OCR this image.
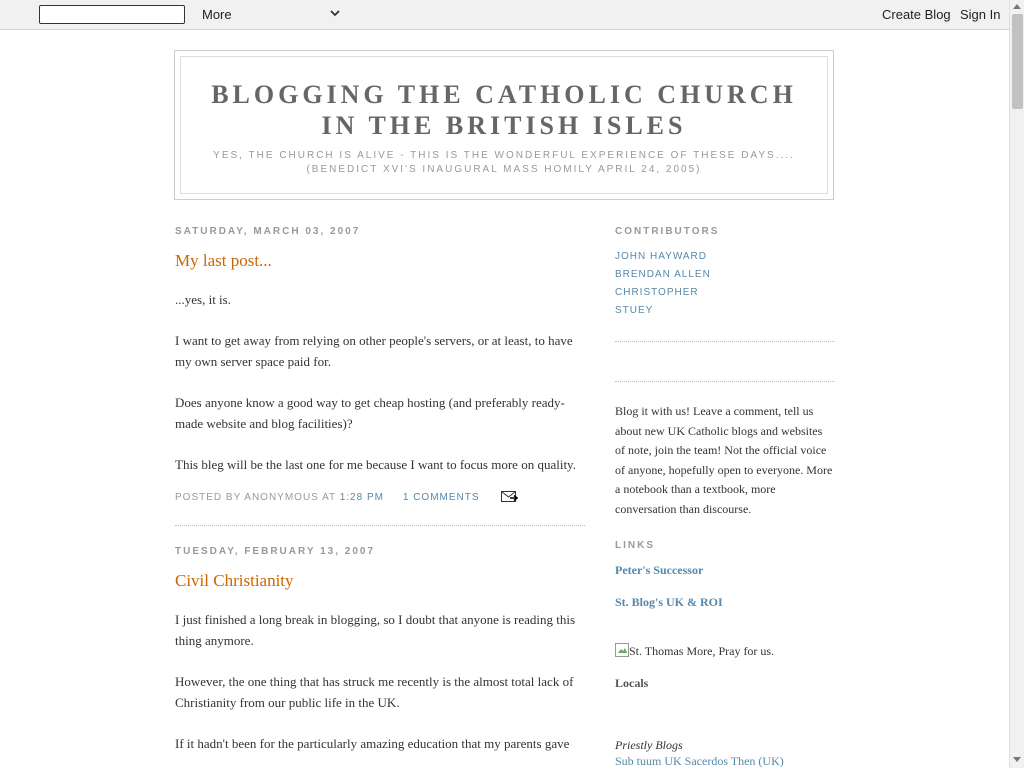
More	Create Blog Sign In
BLOGGING THE CATHOLIC CHURCH
IN THE BRITISH ISLES
YES, THE CHURCH IS ALIVE - THIS IS THE WONDERFUL EXPERIENCE OF THESE DAYS....
(BENEDICT XVI'S INAUGURAL MASS HOMILY APRIL 24, 2005)
SATURDAY, MARCH 03, 2007
My last post...

...yes, it is.

I want to get away from relying on other people's servers, or at least, to have my own server space paid for.

Does anyone know a good way to get cheap hosting (and preferably ready-made website and blog facilities)?

This bleg will be the last one for me because I want to focus more on quality.

POSTED BY ANONYMOUS AT 1:28 PM 1 COMMENTS
TUESDAY, FEBRUARY 13, 2007
Civil Christianity

I just finished a long break in blogging, so I doubt that anyone is reading this thing anymore.

However, the one thing that has struck me recently is the almost total lack of Christianity from our public life in the UK.

If it hadn't been for the particularly amazing education that my parents gave

CONTRIBUTORS
JOHN HAYWARD
BRENDAN ALLEN
CHRISTOPHER
STUEY

Blog it with us! Leave a comment, tell us about new UK Catholic blogs and websites of note, join the team! Not the official voice of anyone, hopefully open to everyone. More a notebook than a textbook, more conversation than discourse.

LINKS
Peter's Successor
St. Blog's UK & ROI
St. Thomas More, Pray for us.
Locals
Priestly Blogs
Sub tuum UK Sacerdos Then (UK)
